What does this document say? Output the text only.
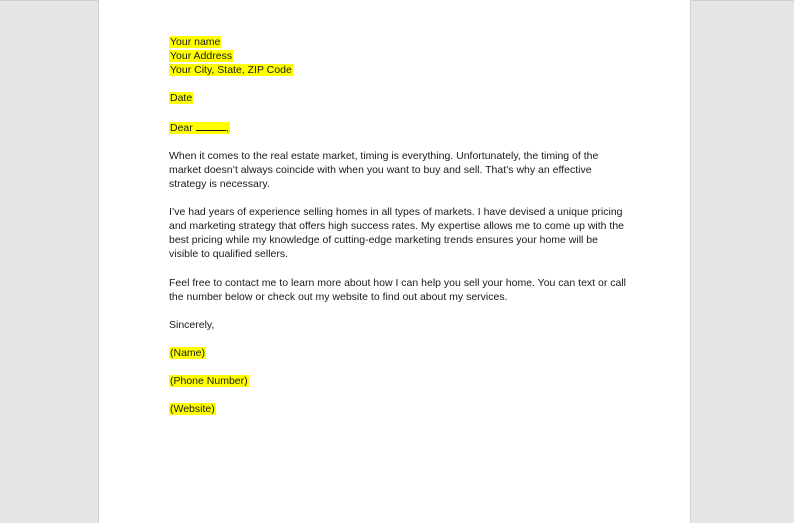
Your name
Your Address
Your City, State, ZIP Code
Date
Dear	,

When it comes to the real estate market, timing is everything. Unfortunately, the timing of the market doesn’t always coincide with when you want to buy and sell. That’s why an effective strategy is necessary.

I’ve had years of experience selling homes in all types of markets. I have devised a unique pricing and marketing strategy that offers high success rates. My expertise allows me to come up with the best pricing while my knowledge of cutting-edge marketing trends ensures your home will be visible to qualified sellers.

Feel free to contact me to learn more about how I can help you sell your home. You can text or call the number below or check out my website to find out about my services.

Sincerely,
(Name)
(Phone Number)
(Website)
